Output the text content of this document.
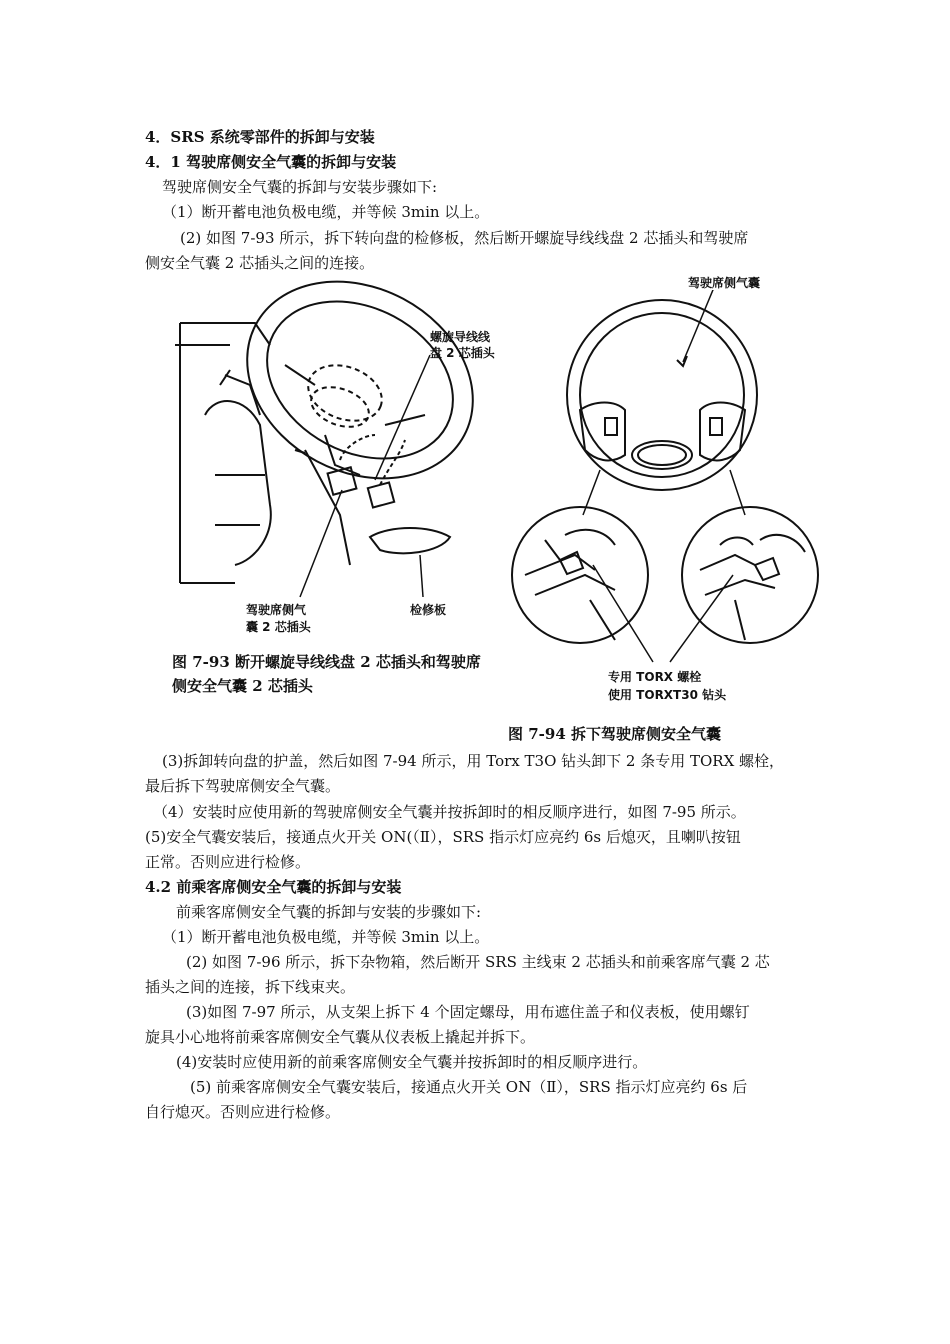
4．SRS 系统零部件的拆卸与安装
4．1 驾驶席侧安全气囊的拆卸与安装
驾驶席侧安全气囊的拆卸与安装步骤如下:
（1）断开蓄电池负极电缆，并等候 3min 以上。
(2) 如图 7-93 所示，拆下转向盘的检修板，然后断开螺旋导线线盘 2 芯插头和驾驶席
侧安全气囊 2 芯插头之间的连接。
螺旋导线线
盘 2 芯插头
驾驶席侧气
囊 2 芯插头
检修板
图 7-93 断开螺旋导线线盘 2 芯插头和驾驶席
侧安全气囊 2 芯插头
驾驶席侧气囊
专用 TORX 螺栓
使用 TORXT30 钻头
图 7-94 拆下驾驶席侧安全气囊
(3)拆卸转向盘的护盖，然后如图 7-94 所示，用 Torx T3O 钻头卸下 2 条专用 TORX 螺栓，
最后拆下驾驶席侧安全气囊。
（4）安装时应使用新的驾驶席侧安全气囊并按拆卸时的相反顺序进行，如图 7-95 所示。
(5)安全气囊安装后，接通点火开关 ON(（Ⅱ），SRS 指示灯应亮约 6s 后熄灭，且喇叭按钮
正常。否则应进行检修。
4.2 前乘客席侧安全气囊的拆卸与安装
前乘客席侧安全气囊的拆卸与安装的步骤如下:
（1）断开蓄电池负极电缆，并等候 3min 以上。
(2) 如图 7-96 所示，拆下杂物箱，然后断开 SRS 主线束 2 芯插头和前乘客席气囊 2 芯
插头之间的连接，拆下线束夹。
(3)如图 7-97 所示，从支架上拆下 4 个固定螺母，用布遮住盖子和仪表板，使用螺钉
旋具小心地将前乘客席侧安全气囊从仪表板上撬起并拆下。
(4)安装时应使用新的前乘客席侧安全气囊并按拆卸时的相反顺序进行。
(5) 前乘客席侧安全气囊安装后，接通点火开关 ON（Ⅱ），SRS 指示灯应亮约 6s 后
自行熄灭。否则应进行检修。
